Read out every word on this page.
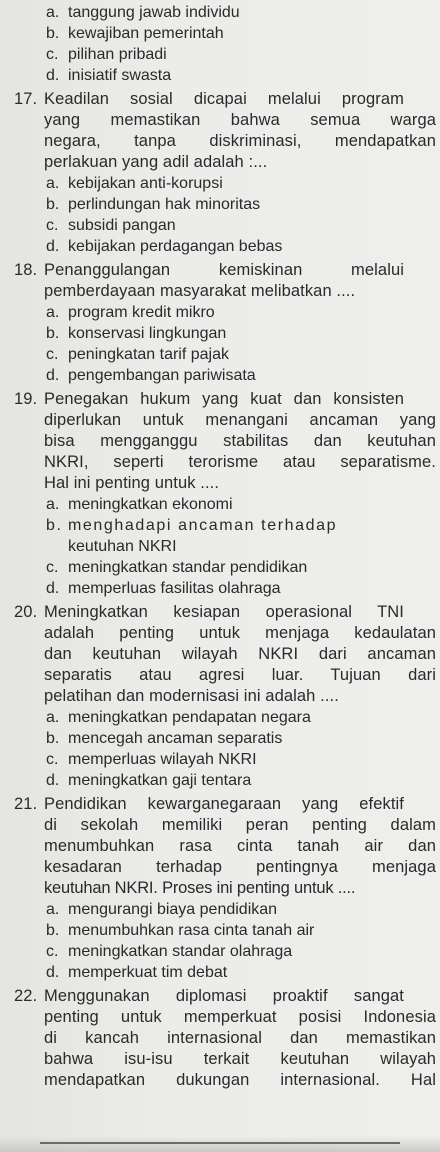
a. tanggung jawab individu
b. kewajiban pemerintah
c. pilihan pribadi
d. inisiatif swasta
17. Keadilan sosial dicapai melalui program
yang memastikan bahwa semua warga
negara, tanpa diskriminasi, mendapatkan
perlakuan yang adil adalah :...
a. kebijakan anti-korupsi
b. perlindungan hak minoritas
c. subsidi pangan
d. kebijakan perdagangan bebas
18. Penanggulangan kemiskinan melalui
pemberdayaan masyarakat melibatkan ....
a. program kredit mikro
b. konservasi lingkungan
c. peningkatan tarif pajak
d. pengembangan pariwisata
19. Penegakan hukum yang kuat dan konsisten
diperlukan untuk menangani ancaman yang
bisa mengganggu stabilitas dan keutuhan
NKRI, seperti terorisme atau separatisme.
Hal ini penting untuk ....
a. meningkatkan ekonomi
b. menghadapi ancaman terhadap
keutuhan NKRI
c. meningkatkan standar pendidikan
d. memperluas fasilitas olahraga
20. Meningkatkan kesiapan operasional TNI
adalah penting untuk menjaga kedaulatan
dan keutuhan wilayah NKRI dari ancaman
separatis atau agresi luar. Tujuan dari
pelatihan dan modernisasi ini adalah ....
a. meningkatkan pendapatan negara
b. mencegah ancaman separatis
c. memperluas wilayah NKRI
d. meningkatkan gaji tentara
21. Pendidikan kewarganegaraan yang efektif
di sekolah memiliki peran penting dalam
menumbuhkan rasa cinta tanah air dan
kesadaran terhadap pentingnya menjaga
keutuhan NKRI. Proses ini penting untuk ....
a. mengurangi biaya pendidikan
b. menumbuhkan rasa cinta tanah air
c. meningkatkan standar olahraga
d. memperkuat tim debat
22. Menggunakan diplomasi proaktif sangat
penting untuk memperkuat posisi Indonesia
di kancah internasional dan memastikan
bahwa isu-isu terkait keutuhan wilayah
mendapatkan dukungan internasional. Hal
